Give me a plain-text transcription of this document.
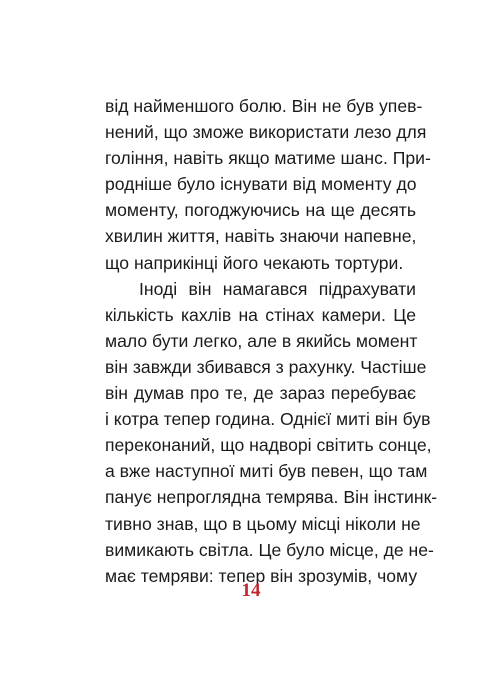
від найменшого болю. Він не був упев-
нений, що зможе використати лезо для
гоління, навіть якщо матиме шанс. При-
роднiше було існувати від моменту до
моменту, погоджуючись на ще десять
хвилин життя, навіть знаючи напевне,
що наприкінці його чекають тортури.
Іноді він намагався підрахувати
кількість кахлів на стінах камери. Це
мало бути легко, але в якийсь момент
він завжди збивався з рахунку. Частіше
він думав про те, де зараз перебуває
і котра тепер година. Однієї миті він був
переконаний, що надворі світить сонце,
а вже наступної миті був певен, що там
панує непроглядна темрява. Він інстинк-
тивно знав, що в цьому місці ніколи не
вимикають світла. Це було місце, де не-
має темряви: тепер він зрозумів, чому
14
